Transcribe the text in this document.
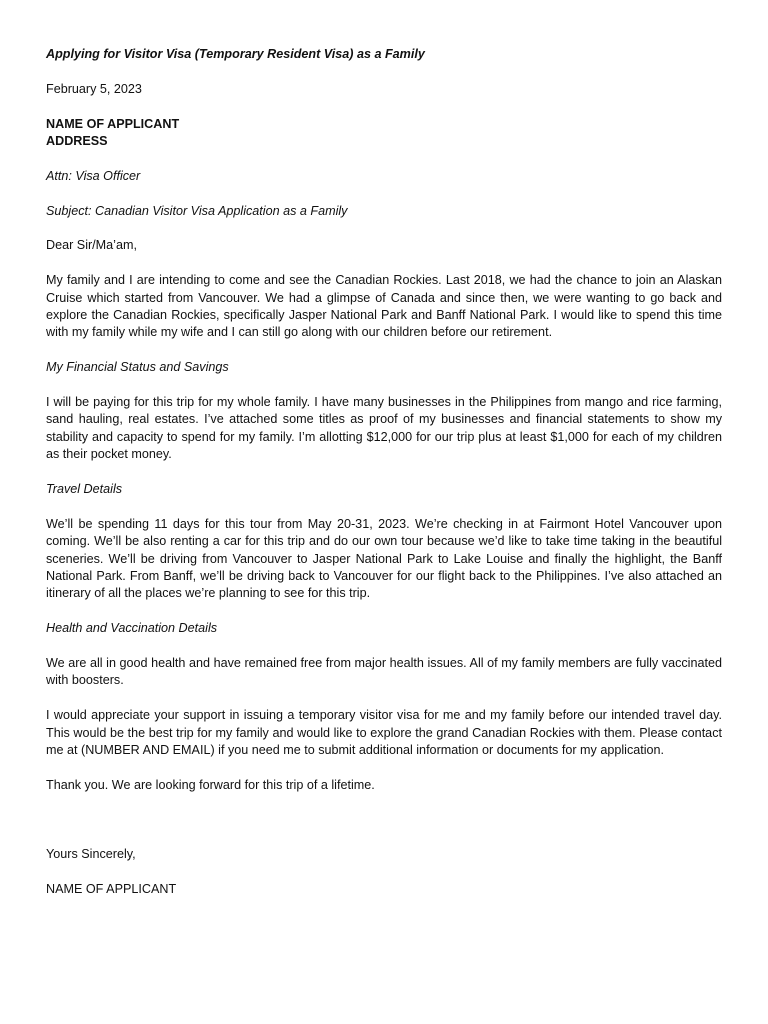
Applying for Visitor Visa (Temporary Resident Visa) as a Family

February 5, 2023

NAME OF APPLICANT

ADDRESS

Attn: Visa Officer

Subject: Canadian Visitor Visa Application as a Family

Dear Sir/Ma’am,

My family and I are intending to come and see the Canadian Rockies. Last 2018, we had the chance to join an Alaskan Cruise which started from Vancouver. We had a glimpse of Canada and since then, we were wanting to go back and explore the Canadian Rockies, specifically Jasper National Park and Banff National Park. I would like to spend this time with my family while my wife and I can still go along with our children before our retirement.

My Financial Status and Savings

I will be paying for this trip for my whole family. I have many businesses in the Philippines from mango and rice farming, sand hauling, real estates. I’ve attached some titles as proof of my businesses and financial statements to show my stability and capacity to spend for my family. I’m allotting $12,000 for our trip plus at least $1,000 for each of my children as their pocket money.

Travel Details

We’ll be spending 11 days for this tour from May 20-31, 2023. We’re checking in at Fairmont Hotel Vancouver upon coming. We’ll be also renting a car for this trip and do our own tour because we’d like to take time taking in the beautiful sceneries. We’ll be driving from Vancouver to Jasper National Park to Lake Louise and finally the highlight, the Banff National Park. From Banff, we’ll be driving back to Vancouver for our flight back to the Philippines. I’ve also attached an itinerary of all the places we’re planning to see for this trip.

Health and Vaccination Details

We are all in good health and have remained free from major health issues. All of my family members are fully vaccinated with boosters.

I would appreciate your support in issuing a temporary visitor visa for me and my family before our intended travel day. This would be the best trip for my family and would like to explore the grand Canadian Rockies with them. Please contact me at (NUMBER AND EMAIL) if you need me to submit additional information or documents for my application.

Thank you. We are looking forward for this trip of a lifetime.

Yours Sincerely,

NAME OF APPLICANT
